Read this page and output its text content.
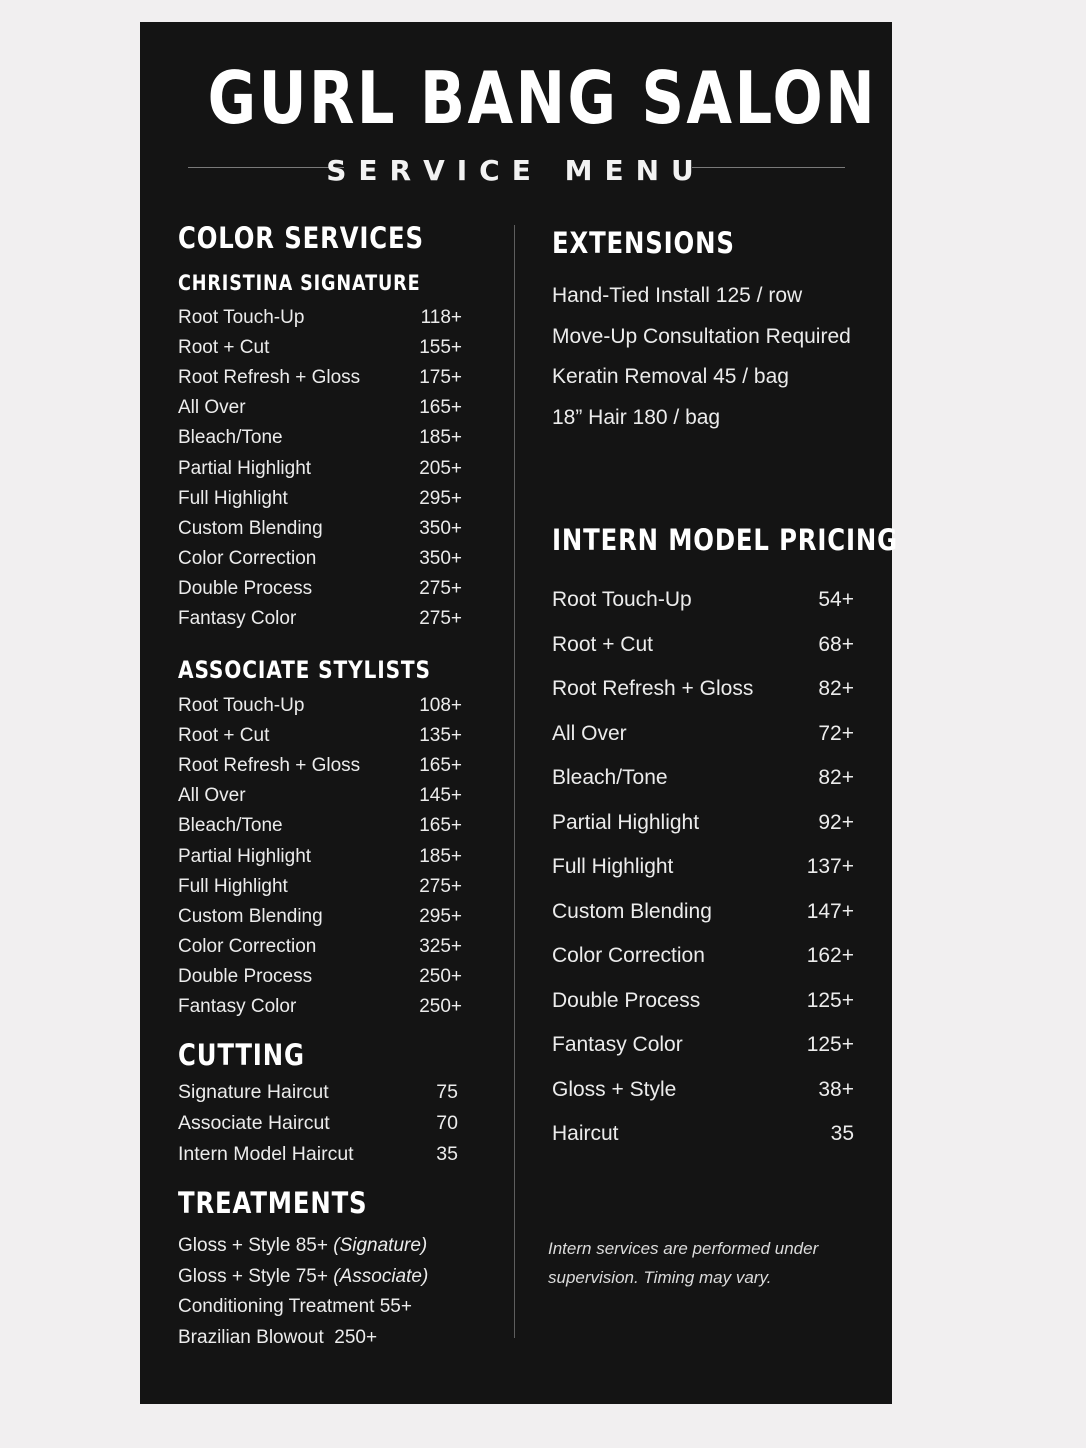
GURL BANG SALON
SERVICE MENU
COLOR SERVICES
CHRISTINA SIGNATURE
Root Touch-Up	118+
Root + Cut	155+
Root Refresh + Gloss	175+
All Over	165+
Bleach/Tone	185+
Partial Highlight	205+
Full Highlight	295+
Custom Blending	350+
Color Correction	350+
Double Process	275+
Fantasy Color	275+
ASSOCIATE STYLISTS
Root Touch-Up	108+
Root + Cut	135+
Root Refresh + Gloss	165+
All Over	145+
Bleach/Tone	165+
Partial Highlight	185+
Full Highlight	275+
Custom Blending	295+
Color Correction	325+
Double Process	250+
Fantasy Color	250+
CUTTING
Signature Haircut	75
Associate Haircut	70
Intern Model Haircut	35
TREATMENTS
Gloss + Style 85+ (Signature)
Gloss + Style 75+ (Associate)
Conditioning Treatment 55+
Brazilian Blowout  250+
EXTENSIONS
Hand-Tied Install 125 / row
Move-Up Consultation Required
Keratin Removal 45 / bag
18” Hair 180 / bag
INTERN MODEL PRICING
Root Touch-Up	54+
Root + Cut	68+
Root Refresh + Gloss	82+
All Over	72+
Bleach/Tone	82+
Partial Highlight	92+
Full Highlight	137+
Custom Blending	147+
Color Correction	162+
Double Process	125+
Fantasy Color	125+
Gloss + Style	38+
Haircut	35
Intern services are performed under supervision. Timing may vary.
